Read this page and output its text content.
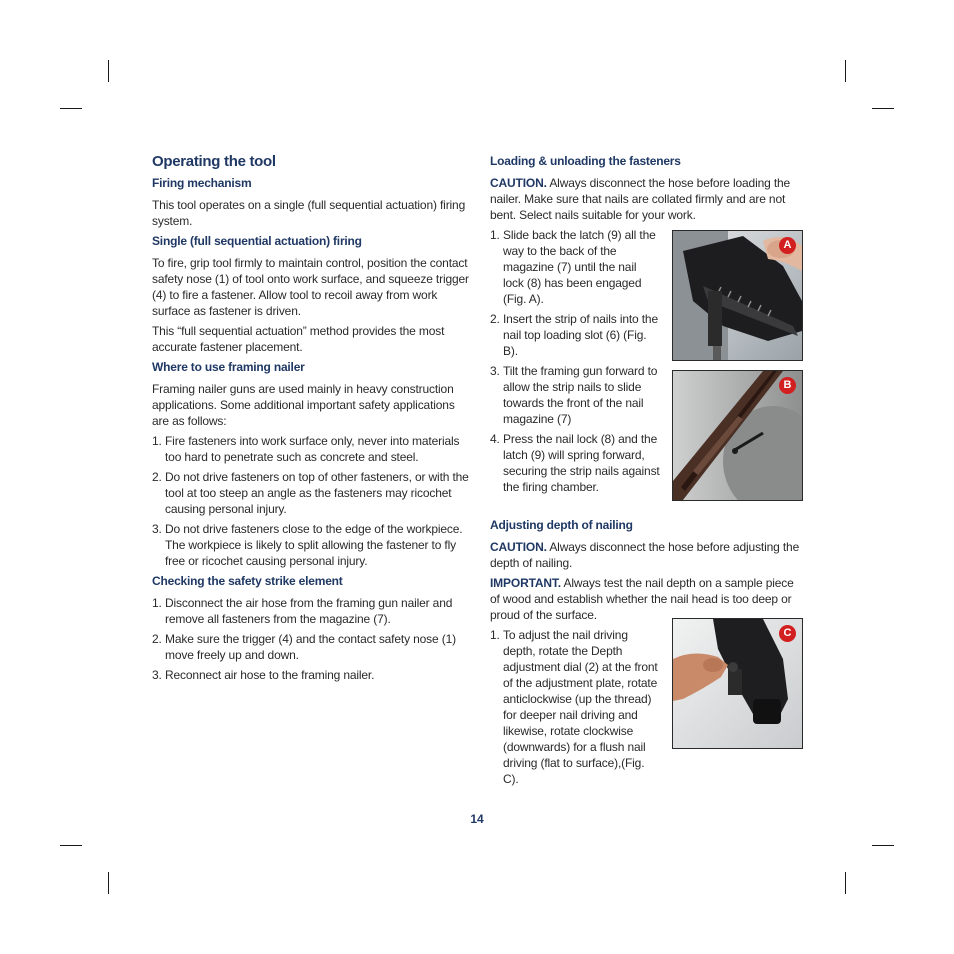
Operating the tool
Firing mechanism

This tool operates on a single (full sequential actuation) firing system.

Single (full sequential actuation) firing

To fire, grip tool firmly to maintain control, position the contact safety nose (1) of tool onto work surface, and squeeze trigger (4) to fire a fastener. Allow tool to recoil away from work surface as fastener is driven.

This “full sequential actuation” method provides the most accurate fastener placement.

Where to use framing nailer

Framing nailer guns are used mainly in heavy construction applications. Some additional important safety applications are as follows:

1. Fire fasteners into work surface only, never into materials too hard to penetrate such as concrete and steel.
2. Do not drive fasteners on top of other fasteners, or with the tool at too steep an angle as the fasteners may ricochet causing personal injury.
3. Do not drive fasteners close to the edge of the workpiece. The workpiece is likely to split allowing the fastener to fly free or ricochet causing personal injury.
Checking the safety strike element
1. Disconnect the air hose from the framing gun nailer and remove all fasteners from the magazine (7).
2. Make sure the trigger (4) and the contact safety nose (1) move freely up and down.
3. Reconnect air hose to the framing nailer.
Loading & unloading the fasteners

CAUTION. Always disconnect the hose before loading the nailer. Make sure that nails are collated firmly and are not bent. Select nails suitable for your work.

1. Slide back the latch (9) all the way to the back of the magazine (7) until the nail lock (8) has been engaged (Fig. A).
2. Insert the strip of nails into the nail top loading slot (6) (Fig. B).
3. Tilt the framing gun forward to allow the strip nails to slide towards the front of the nail magazine (7)
4. Press the nail lock (8) and the latch (9) will spring forward, securing the strip nails against the firing chamber.
Adjusting depth of nailing

CAUTION. Always disconnect the hose before adjusting the depth of nailing.

IMPORTANT. Always test the nail depth on a sample piece of wood and establish whether the nail head is too deep or proud of the surface.

1. To adjust the nail driving depth, rotate the Depth adjustment dial (2) at the front of the adjustment plate, rotate anticlockwise (up the thread) for deeper nail driving and likewise, rotate clockwise (downwards) for a flush nail driving (flat to surface),(Fig. C).
A
B
C
14
